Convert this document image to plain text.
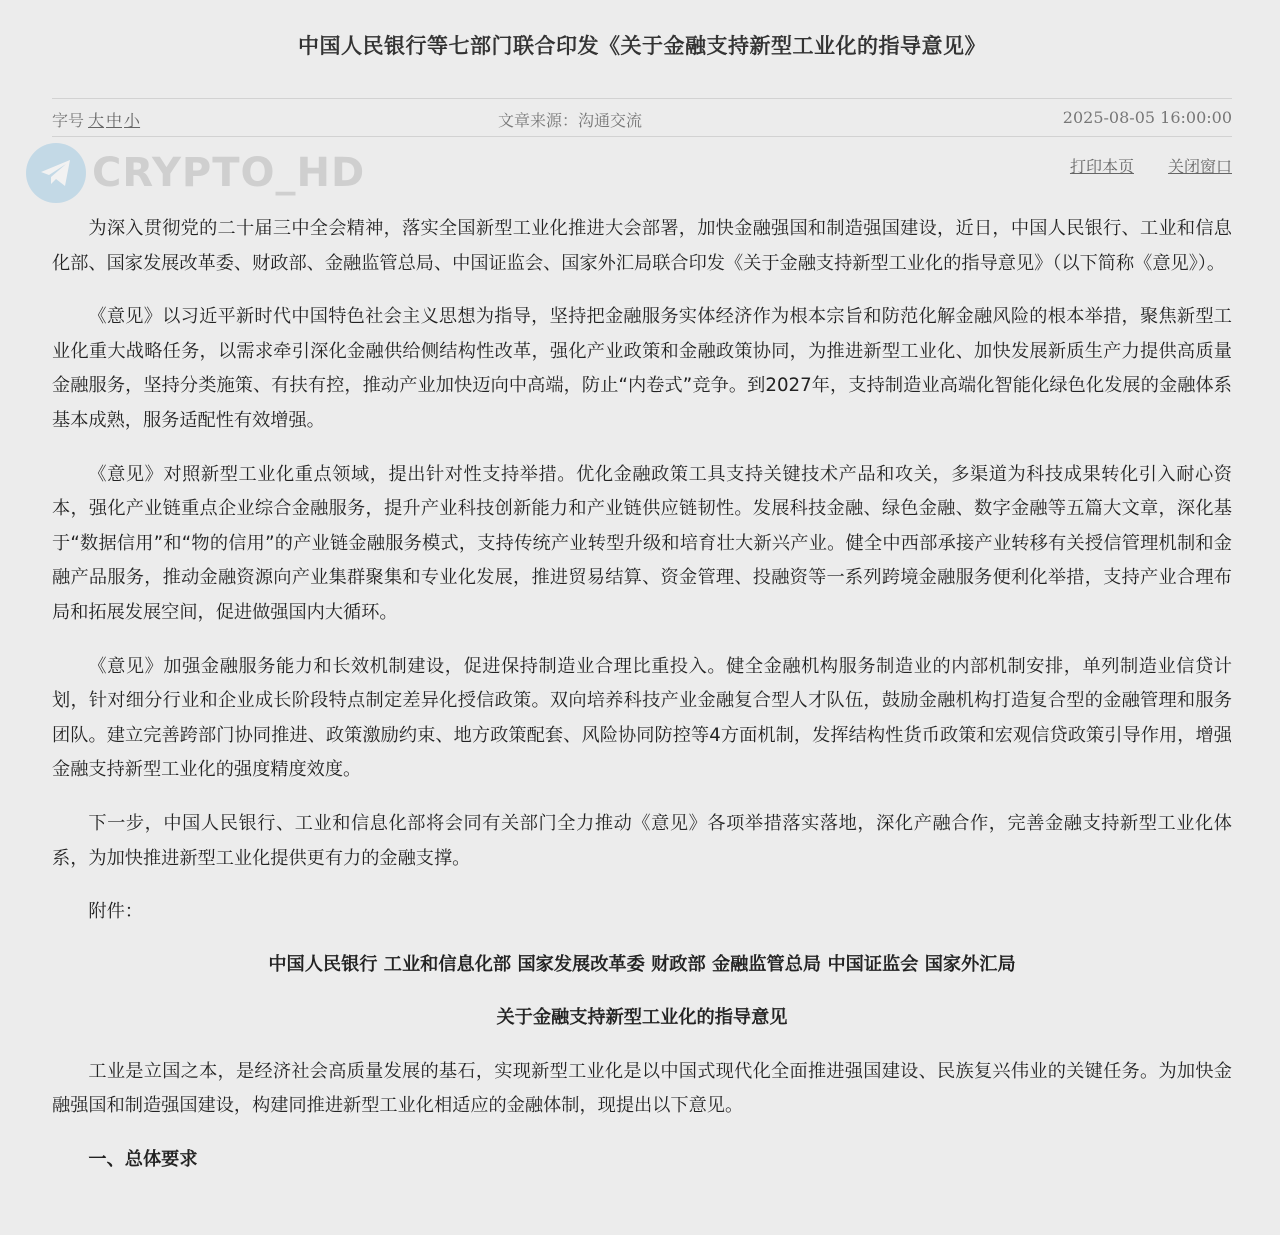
中国人民银行等七部门联合印发《关于金融支持新型工业化的指导意见》
字号 大 中 小	文章来源：沟通交流	2025-08-05 16:00:00
打印本页 关闭窗口

为深入贯彻党的二十届三中全会精神，落实全国新型工业化推进大会部署，加快金融强国和制造强国建设，近日，中国人民银行、工业和信息化部、国家发展改革委、财政部、金融监管总局、中国证监会、国家外汇局联合印发《关于金融支持新型工业化的指导意见》（以下简称《意见》）。

《意见》以习近平新时代中国特色社会主义思想为指导，坚持把金融服务实体经济作为根本宗旨和防范化解金融风险的根本举措，聚焦新型工业化重大战略任务，以需求牵引深化金融供给侧结构性改革，强化产业政策和金融政策协同，为推进新型工业化、加快发展新质生产力提供高质量金融服务，坚持分类施策、有扶有控，推动产业加快迈向中高端，防止“内卷式”竞争。到2027年，支持制造业高端化智能化绿色化发展的金融体系基本成熟，服务适配性有效增强。

《意见》对照新型工业化重点领域，提出针对性支持举措。优化金融政策工具支持关键技术产品和攻关，多渠道为科技成果转化引入耐心资本，强化产业链重点企业综合金融服务，提升产业科技创新能力和产业链供应链韧性。发展科技金融、绿色金融、数字金融等五篇大文章，深化基于“数据信用”和“物的信用”的产业链金融服务模式，支持传统产业转型升级和培育壮大新兴产业。健全中西部承接产业转移有关授信管理机制和金融产品服务，推动金融资源向产业集群聚集和专业化发展，推进贸易结算、资金管理、投融资等一系列跨境金融服务便利化举措，支持产业合理布局和拓展发展空间，促进做强国内大循环。

《意见》加强金融服务能力和长效机制建设，促进保持制造业合理比重投入。健全金融机构服务制造业的内部机制安排，单列制造业信贷计划，针对细分行业和企业成长阶段特点制定差异化授信政策。双向培养科技产业金融复合型人才队伍，鼓励金融机构打造复合型的金融管理和服务团队。建立完善跨部门协同推进、政策激励约束、地方政策配套、风险协同防控等4方面机制，发挥结构性货币政策和宏观信贷政策引导作用，增强金融支持新型工业化的强度精度效度。

下一步，中国人民银行、工业和信息化部将会同有关部门全力推动《意见》各项举措落实落地，深化产融合作，完善金融支持新型工业化体系，为加快推进新型工业化提供更有力的金融支撑。

附件：

中国人民银行 工业和信息化部 国家发展改革委 财政部 金融监管总局 中国证监会 国家外汇局

关于金融支持新型工业化的指导意见

工业是立国之本，是经济社会高质量发展的基石，实现新型工业化是以中国式现代化全面推进强国建设、民族复兴伟业的关键任务。为加快金融强国和制造强国建设，构建同推进新型工业化相适应的金融体制，现提出以下意见。

一、总体要求

CRYPTO_HD
